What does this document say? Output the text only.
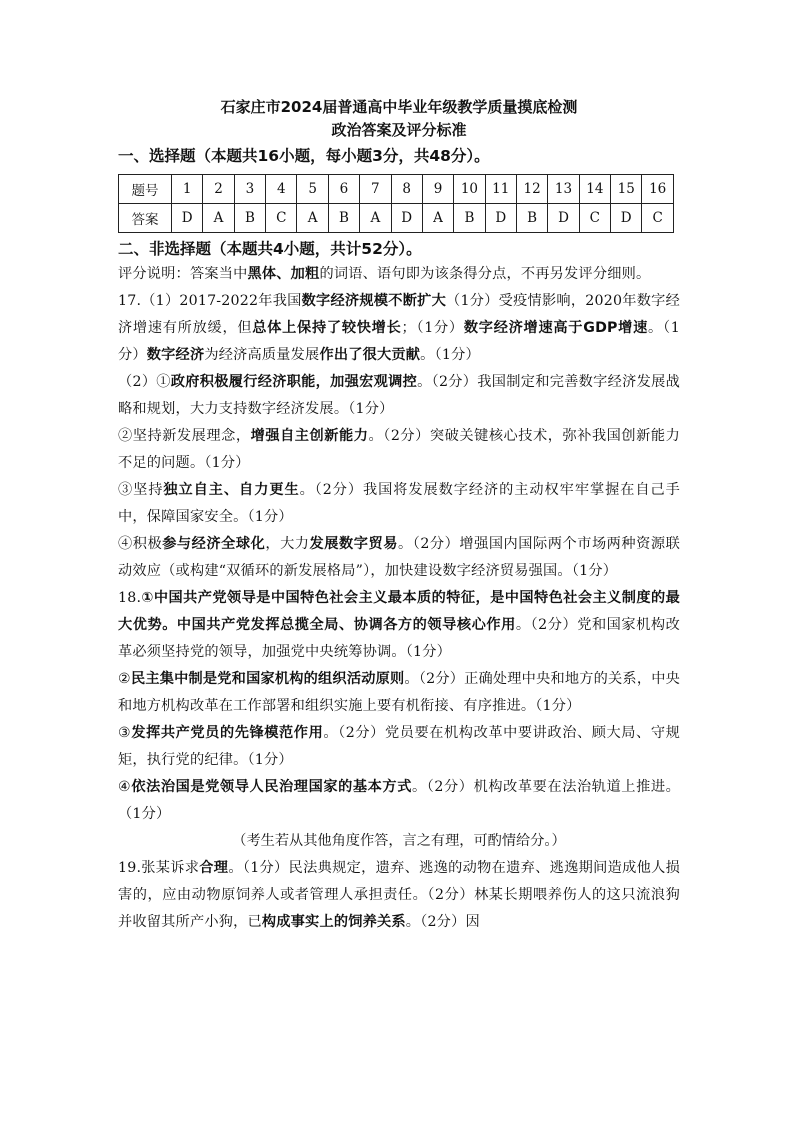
石家庄市2024届普通高中毕业年级教学质量摸底检测
政治答案及评分标准
一、选择题（本题共16小题，每小题3分，共48分）。
题号	1	2	3	4	5	6	7	8	9	10	11	12	13	14	15	16
答案	D	A	B	C	A	B	A	D	A	B	D	B	D	C	D	C
二、非选择题（本题共4小题，共计52分）。

评分说明：答案当中黑体、加粗的词语、语句即为该条得分点，不再另发评分细则。

17.（1）2017-2022年我国数字经济规模不断扩大（1分）受疫情影响，2020年数字经济增速有所放缓，但总体上保持了较快增长；（1分）数字经济增速高于GDP增速。（1分）数字经济为经济高质量发展作出了很大贡献。（1分）

（2）①政府积极履行经济职能，加强宏观调控。（2分）我国制定和完善数字经济发展战略和规划，大力支持数字经济发展。（1分）

②坚持新发展理念，增强自主创新能力。（2分）突破关键核心技术，弥补我国创新能力不足的问题。（1分）

③坚持独立自主、自力更生。（2分）我国将发展数字经济的主动权牢牢掌握在自己手中，保障国家安全。（1分）

④积极参与经济全球化，大力发展数字贸易。（2分）增强国内国际两个市场两种资源联动效应（或构建“双循环的新发展格局”），加快建设数字经济贸易强国。（1分）

18.①中国共产党领导是中国特色社会主义最本质的特征，是中国特色社会主义制度的最大优势。中国共产党发挥总揽全局、协调各方的领导核心作用。（2分）党和国家机构改革必须坚持党的领导，加强党中央统筹协调。（1分）

②民主集中制是党和国家机构的组织活动原则。（2分）正确处理中央和地方的关系，中央和地方机构改革在工作部署和组织实施上要有机衔接、有序推进。（1分）

③发挥共产党员的先锋模范作用。（2分）党员要在机构改革中要讲政治、顾大局、守规矩，执行党的纪律。（1分）

④依法治国是党领导人民治理国家的基本方式。（2分）机构改革要在法治轨道上推进。（1分）

（考生若从其他角度作答，言之有理，可酌情给分。）

19.张某诉求合理。（1分）民法典规定，遗弃、逃逸的动物在遗弃、逃逸期间造成他人损害的，应由动物原饲养人或者管理人承担责任。（2分）林某长期喂养伤人的这只流浪狗并收留其所产小狗，已构成事实上的饲养关系。（2分）因
